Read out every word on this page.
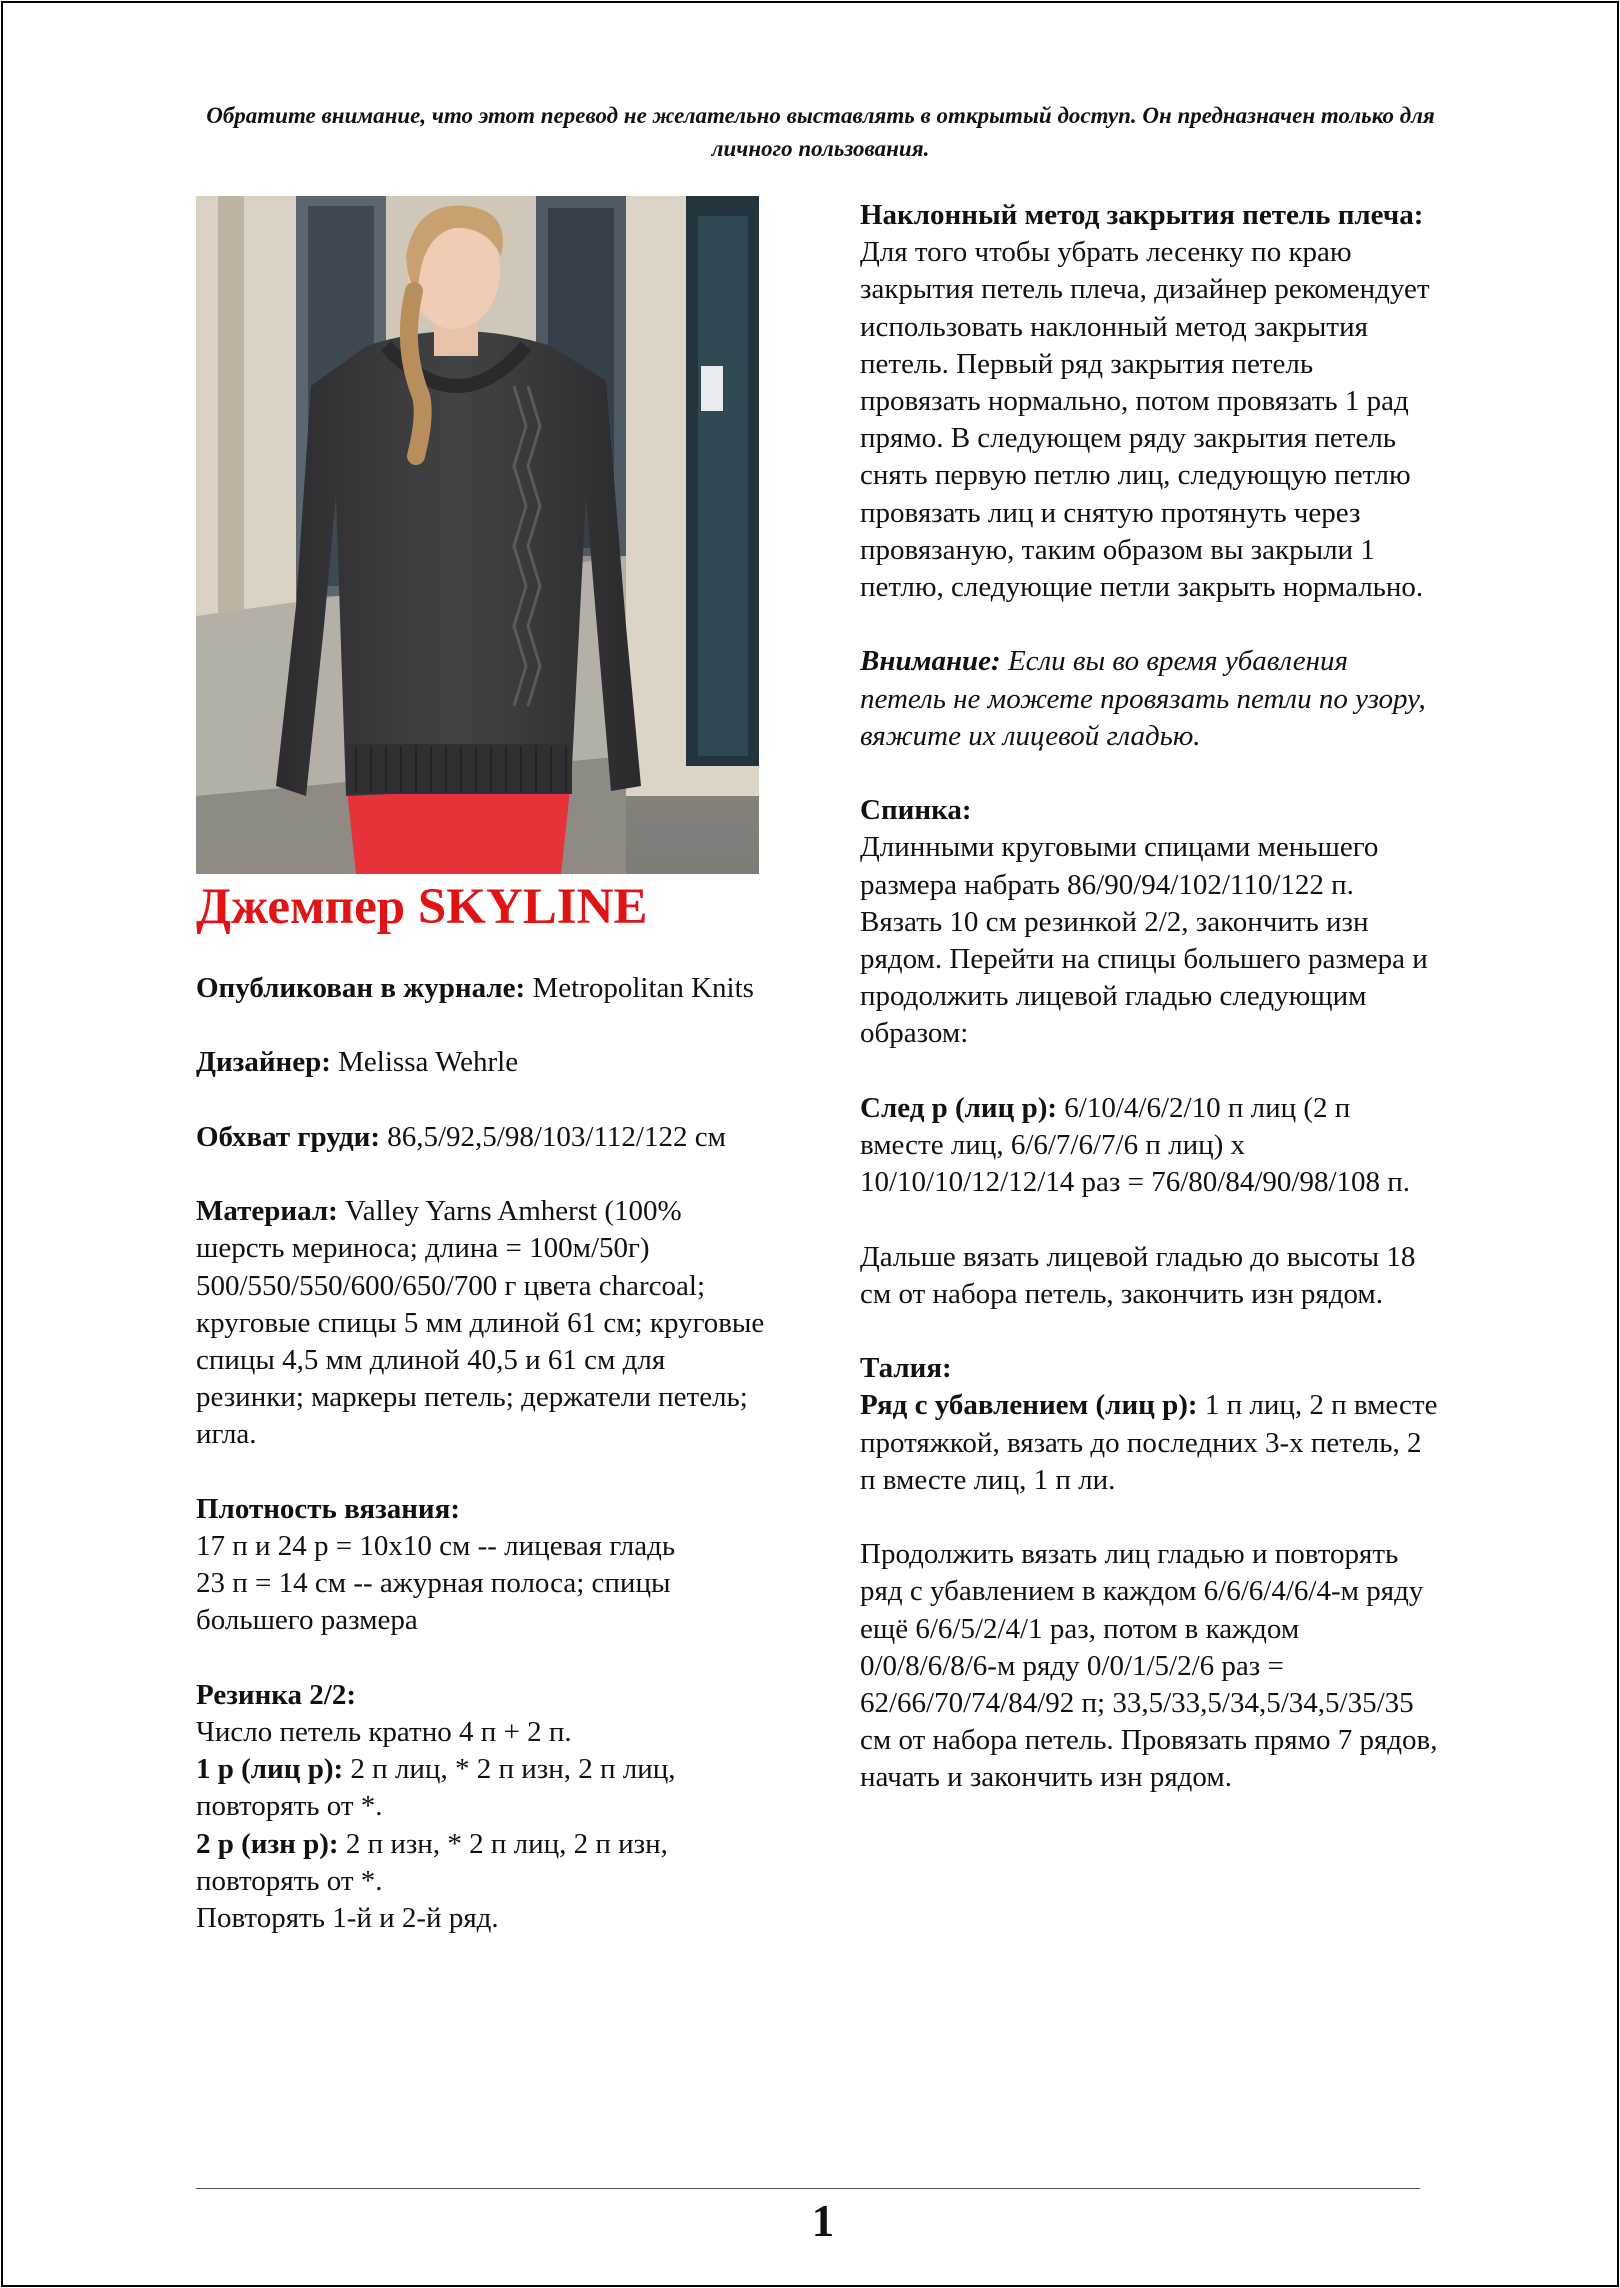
Обратите внимание, что этот перевод не желательно выставлять в открытый доступ. Он предназначен только для личного пользования.
Джемпер SKYLINE

Опубликован в журнале: Metropolitan Knits

Дизайнер: Melissa Wehrle

Обхват груди: 86,5/92,5/98/103/112/122 см

Материал: Valley Yarns Amherst (100% шерсть мериноса; длина = 100м/50г) 500/550/550/600/650/700 г цвета charcoal; круговые спицы 5 мм длиной 61 см; круговые спицы 4,5 мм длиной 40,5 и 61 см для резинки; маркеры петель; держатели петель; игла.

Плотность вязания:

17 п и 24 р = 10х10 см -- лицевая гладь

23 п = 14 см -- ажурная полоса; спицы большего размера

Резинка 2/2:

Число петель кратно 4 п + 2 п.

1 р (лиц р): 2 п лиц, * 2 п изн, 2 п лиц, повторять от *.

2 р (изн р): 2 п изн, * 2 п лиц, 2 п изн, повторять от *.

Повторять 1-й и 2-й ряд.

Наклонный метод закрытия петель плеча:

Для того чтобы убрать лесенку по краю закрытия петель плеча, дизайнер рекомендует использовать наклонный метод закрытия петель. Первый ряд закрытия петель провязать нормально, потом провязать 1 рад прямо. В следующем ряду закрытия петель снять первую петлю лиц, следующую петлю провязать лиц и снятую протянуть через провязаную, таким образом вы закрыли 1 петлю, следующие петли закрыть нормально.

Внимание: Если вы во время убавления петель не можете провязать петли по узору, вяжите их лицевой гладью.

Спинка:

Длинными круговыми спицами меньшего размера набрать 86/90/94/102/110/122 п. Вязать 10 см резинкой 2/2, закончить изн рядом. Перейти на спицы большего размера и продолжить лицевой гладью следующим образом:

След р (лиц р): 6/10/4/6/2/10 п лиц (2 п вместе лиц, 6/6/7/6/7/6 п лиц) х 10/10/10/12/12/14 раз = 76/80/84/90/98/108 п.

Дальше вязать лицевой гладью до высоты 18 см от набора петель, закончить изн рядом.

Талия:

Ряд с убавлением (лиц р): 1 п лиц, 2 п вместе протяжкой, вязать до последних 3-х петель, 2 п вместе лиц, 1 п ли.

Продолжить вязать лиц гладью и повторять ряд с убавлением в каждом 6/6/6/4/6/4-м ряду ещё 6/6/5/2/4/1 раз, потом в каждом 0/0/8/6/8/6-м ряду 0/0/1/5/2/6 раз = 62/66/70/74/84/92 п; 33,5/33,5/34,5/34,5/35/35 см от набора петель. Провязать прямо 7 рядов, начать и закончить изн рядом.

1
